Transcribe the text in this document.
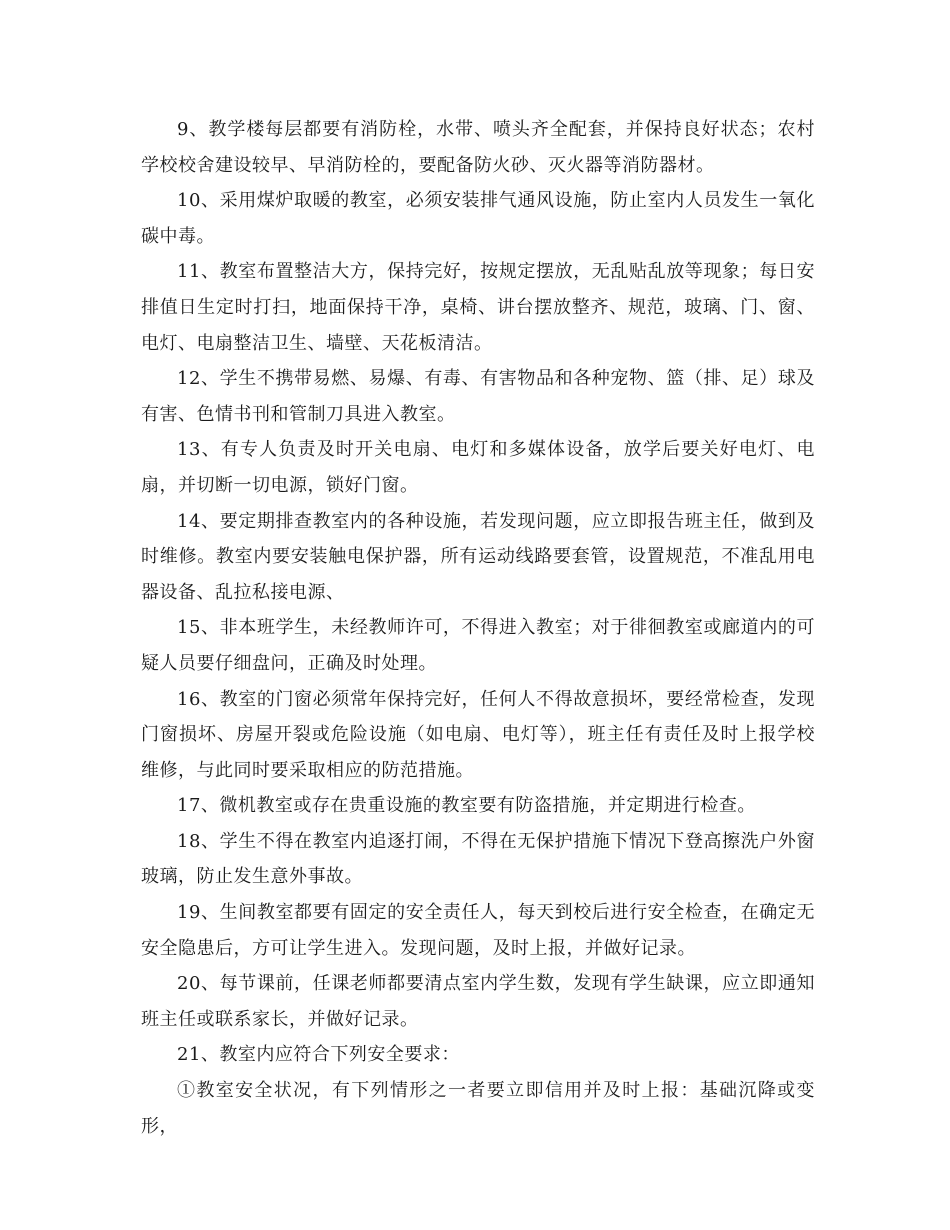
9、教学楼每层都要有消防栓，水带、喷头齐全配套，并保持良好状态；农村学校校舍建设较早、早消防栓的，要配备防火砂、灭火器等消防器材。

10、采用煤炉取暖的教室，必须安装排气通风设施，防止室内人员发生一氧化碳中毒。

11、教室布置整洁大方，保持完好，按规定摆放，无乱贴乱放等现象；每日安排值日生定时打扫，地面保持干净，桌椅、讲台摆放整齐、规范，玻璃、门、窗、电灯、电扇整洁卫生、墙壁、天花板清洁。

12、学生不携带易燃、易爆、有毒、有害物品和各种宠物、篮（排、足）球及有害、色情书刊和管制刀具进入教室。

13、有专人负责及时开关电扇、电灯和多媒体设备，放学后要关好电灯、电扇，并切断一切电源，锁好门窗。

14、要定期排查教室内的各种设施，若发现问题，应立即报告班主任，做到及时维修。教室内要安装触电保护器，所有运动线路要套管，设置规范，不准乱用电器设备、乱拉私接电源、

15、非本班学生，未经教师许可，不得进入教室；对于徘徊教室或廊道内的可疑人员要仔细盘问，正确及时处理。

16、教室的门窗必须常年保持完好，任何人不得故意损坏，要经常检查，发现门窗损坏、房屋开裂或危险设施（如电扇、电灯等），班主任有责任及时上报学校维修，与此同时要采取相应的防范措施。

17、微机教室或存在贵重设施的教室要有防盗措施，并定期进行检查。

18、学生不得在教室内追逐打闹，不得在无保护措施下情况下登高擦洗户外窗玻璃，防止发生意外事故。

19、生间教室都要有固定的安全责任人，每天到校后进行安全检查，在确定无安全隐患后，方可让学生进入。发现问题，及时上报，并做好记录。

20、每节课前，任课老师都要清点室内学生数，发现有学生缺课，应立即通知班主任或联系家长，并做好记录。

21、教室内应符合下列安全要求：

①教室安全状况，有下列情形之一者要立即信用并及时上报：基础沉降或变形，
